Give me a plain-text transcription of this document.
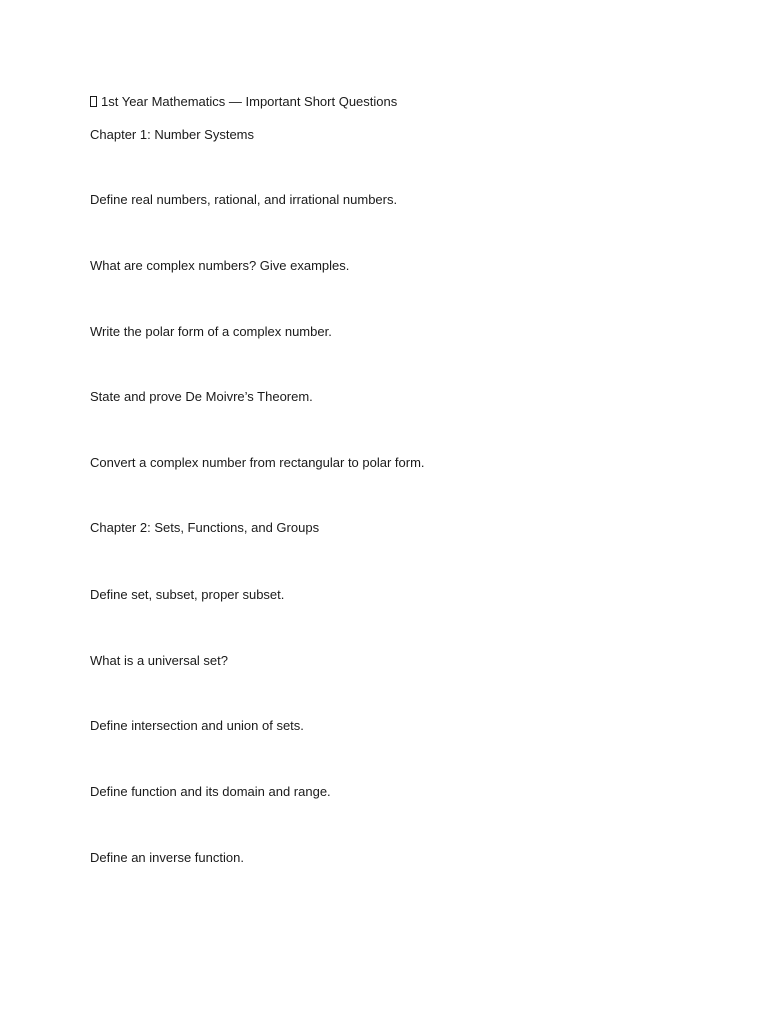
1st Year Mathematics — Important Short Questions
Chapter 1: Number Systems
Define real numbers, rational, and irrational numbers.
What are complex numbers? Give examples.
Write the polar form of a complex number.
State and prove De Moivre’s Theorem.
Convert a complex number from rectangular to polar form.
Chapter 2: Sets, Functions, and Groups
Define set, subset, proper subset.
What is a universal set?
Define intersection and union of sets.
Define function and its domain and range.
Define an inverse function.
